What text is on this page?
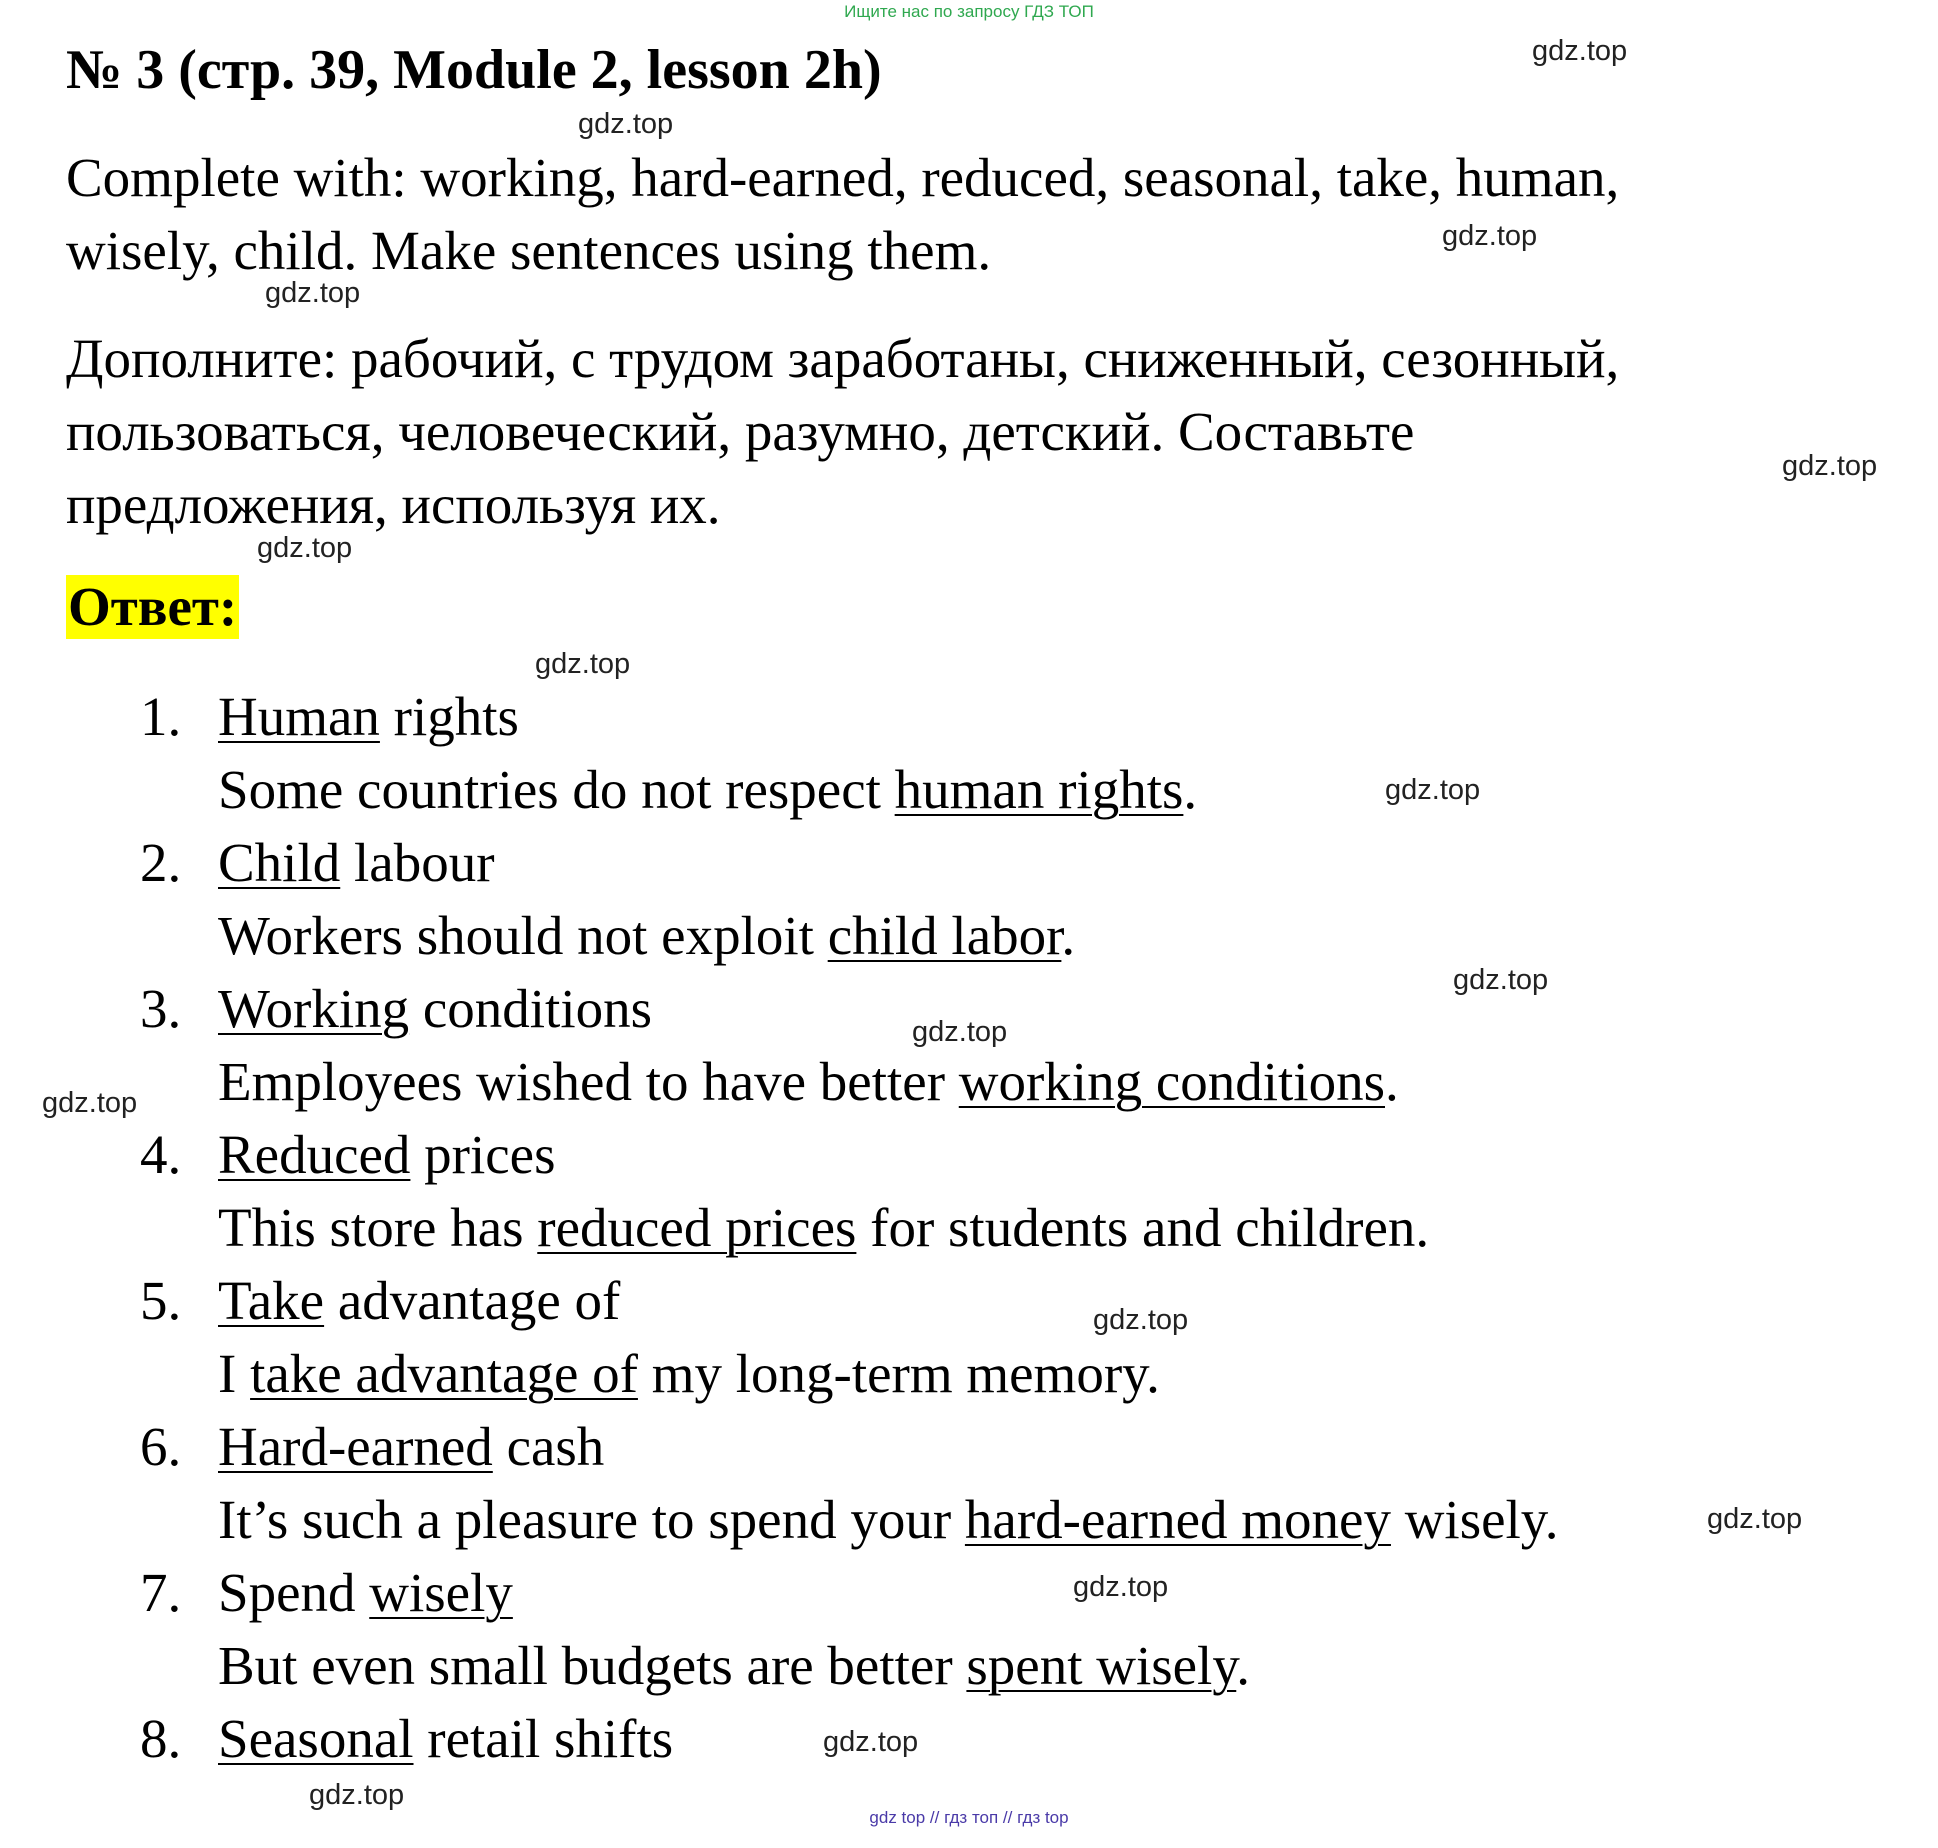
Ищите нас по запросу ГДЗ ТОП
№ 3 (стр. 39, Module 2, lesson 2h)
Complete with: working, hard-earned, reduced, seasonal, take, human,
wisely, child. Make sentences using them.
Дополните: рабочий, с трудом заработаны, сниженный, сезонный,
пользоваться, человеческий, разумно, детский. Составьте
предложения, используя их.
Ответ:
1. Human rights
Some countries do not respect human rights.
2. Child labour
Workers should not exploit child labor.
3. Working conditions
Employees wished to have better working conditions.
4. Reduced prices
This store has reduced prices for students and children.
5. Take advantage of
I take advantage of my long-term memory.
6. Hard-earned cash
It’s such a pleasure to spend your hard-earned money wisely.
7. Spend wisely
But even small budgets are better spent wisely.
8. Seasonal retail shifts
gdz.top
gdz.top
gdz.top
gdz.top
gdz.top
gdz.top
gdz.top
gdz.top
gdz.top
gdz.top
gdz.top
gdz.top
gdz.top
gdz.top
gdz.top
gdz.top
gdz top // гдз топ // гдз top
